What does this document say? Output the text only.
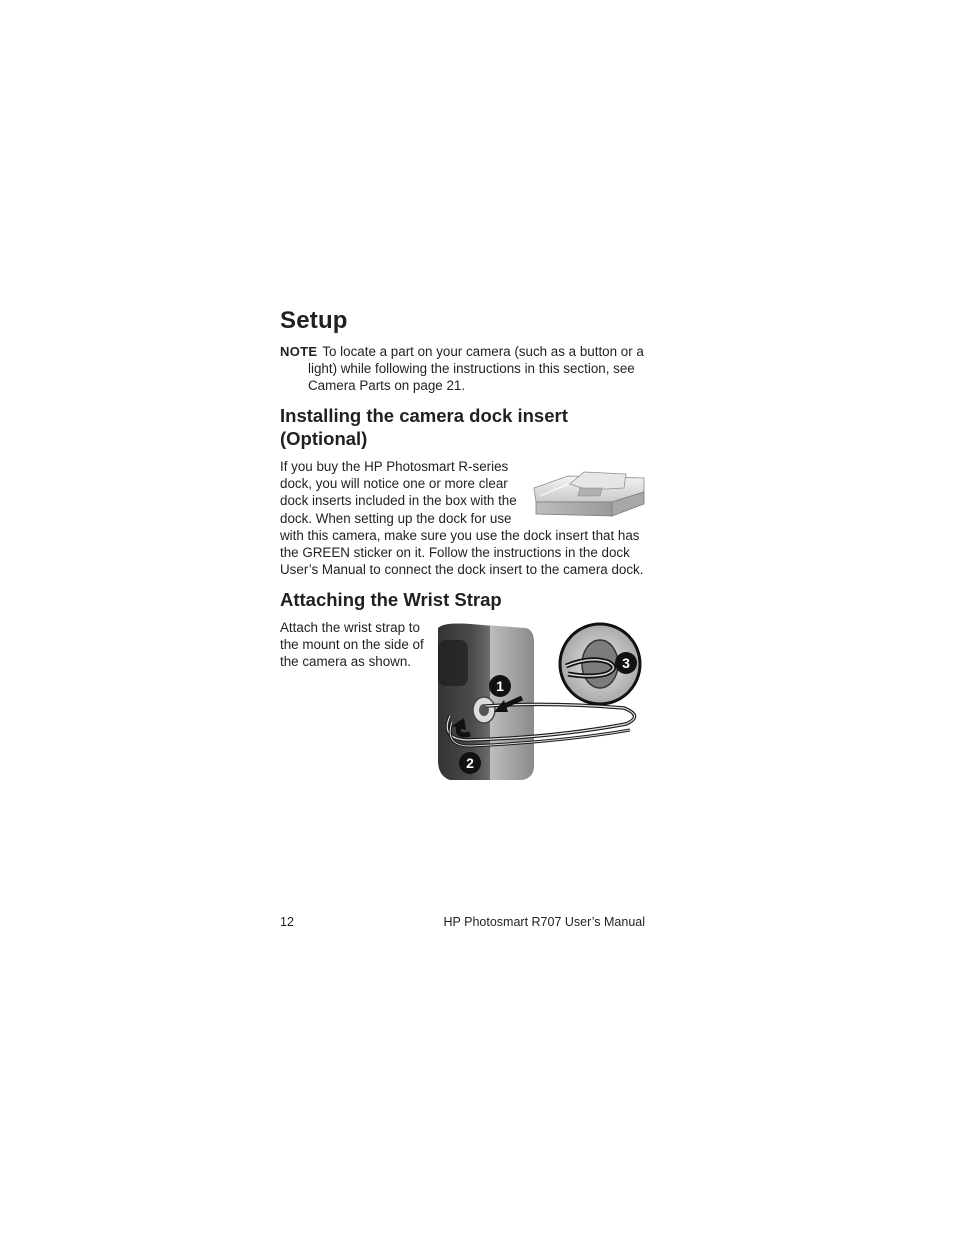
Setup
NOTE To locate a part on your camera (such as a button or a
light) while following the instructions in this section, see
Camera Parts on page 21.
Installing the camera dock insert
(Optional)
If you buy the HP Photosmart R-series
dock, you will notice one or more clear
dock inserts included in the box with the
dock. When setting up the dock for use
with this camera, make sure you use the dock insert that has
the GREEN sticker on it. Follow the instructions in the dock
User’s Manual to connect the dock insert to the camera dock.
Attaching the Wrist Strap
Attach the wrist strap to
the mount on the side of
the camera as shown.
1
2
3
12	HP Photosmart R707 User’s Manual
